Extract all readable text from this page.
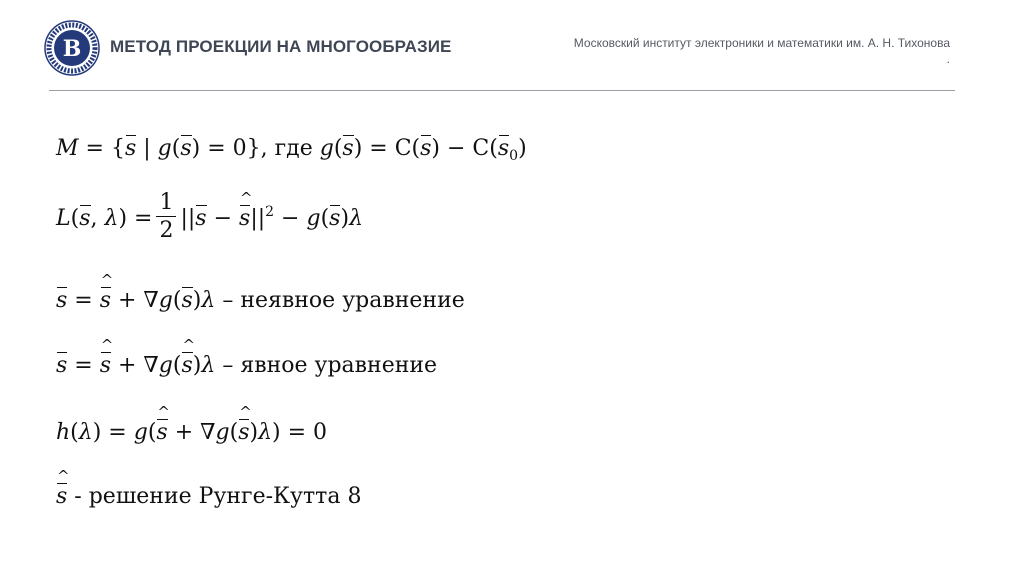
В МЕТОД ПРОЕКЦИИ НА МНОГООБРАЗИЕ	Московский институт электроники и математики им. А. Н. Тихонова
.
M = {s | g(s) = 0}, где $g(s) = C(s) - C(s_0)$
L(s, $\lambda) = \frac{1}{2} ||s - s$ $\^{}||^2 - g(s)\lambda$
s = s ^ + ∇g(s)λ – неявное уравнение
s = s ^ + ∇g(s ^)λ – явное уравнение
h(λ) = g(s ^ + ∇g(s ^)λ) = 0
s ^ - решение Рунге-Кутта 8
